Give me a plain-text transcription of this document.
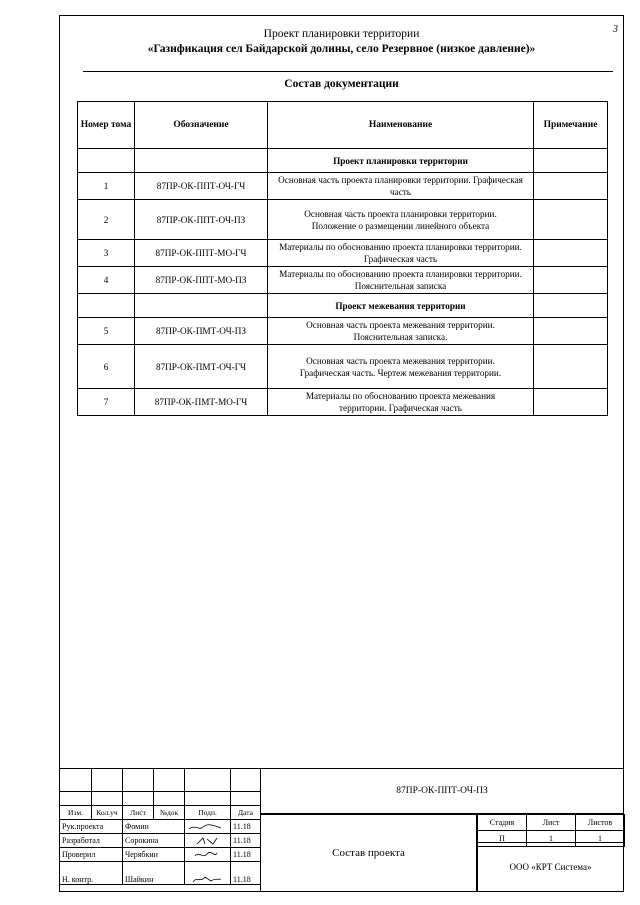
3
Проект планировки территории
«Газификация сел Байдарской долины, село Резервное (низкое давление)»
Состав документации
Номер тома	Обозначение	Наименование	Примечание
		Проект планировки территории	
1	87ПР-ОК-ППТ-ОЧ-ГЧ	Основная часть проекта планировки территории. Графическая часть	
2	87ПР-ОК-ППТ-ОЧ-ПЗ	Основная часть проекта планировки территории. Положение о размещении линейного объекта	
3	87ПР-ОК-ППТ-МО-ГЧ	Материалы по обоснованию проекта планировки территории. Графическая часть	
4	87ПР-ОК-ППТ-МО-ПЗ	Материалы по обоснованию проекта планировки территории. Пояснительная записка	
		Проект межевания территории	
5	87ПР-ОК-ПМТ-ОЧ-ПЗ	Основная часть проекта межевания территории. Пояснительная записка.	
6	87ПР-ОК-ПМТ-ОЧ-ГЧ	Основная часть проекта межевания территории. Графическая часть. Чертеж межевания территории.	
7	87ПР-ОК-ПМТ-МО-ГЧ	Материалы по обоснованию проекта межевания территории. Графическая часть	

Изм.	Кол.уч	Лист	№док	Подп.	Дата
Рук.проекта		Фомин			11.18
Разработал		Сорокина			11.18
Проверил		Черябкин			11.18
Н. контр.		Шайкин			11.18
87ПР-ОК-ППТ-ОЧ-ПЗ
Состав проекта
Стадия	Лист	Листов
П	1	1
ООО «КРТ Система»
